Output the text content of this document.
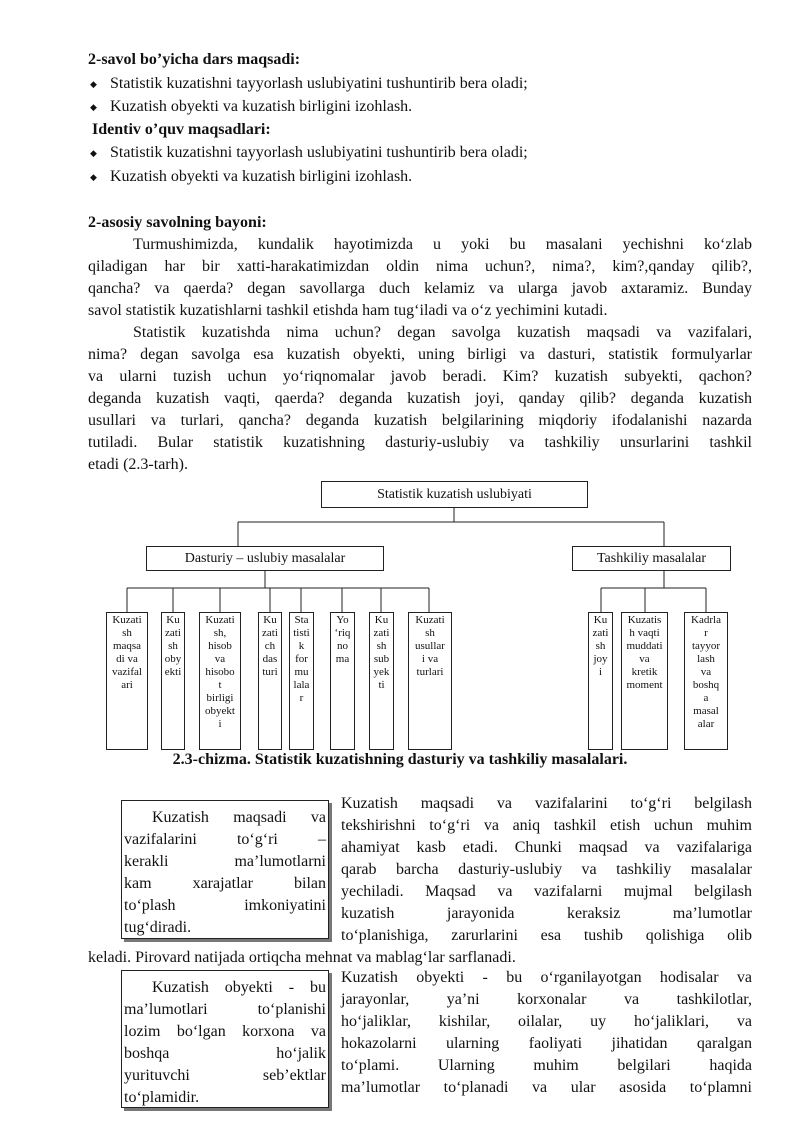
2-savol bo’yicha dars maqsadi:
◆ Statistik kuzatishni tayyorlash uslubiyatini tushuntirib bera oladi;
◆ Kuzatish obyekti va kuzatish birligini izohlash.
Identiv o’quv maqsadlari:
◆ Statistik kuzatishni tayyorlash uslubiyatini tushuntirib bera oladi;
◆ Kuzatish obyekti va kuzatish birligini izohlash.
2-asosiy savolning bayoni:
Turmushimizda, kundalik hayotimizda u yoki bu masalani yechishni ko‘zlab
qiladigan har bir xatti-harakatimizdan oldin nima uchun?, nima?, kim?,qanday qilib?,
qancha? va qaerda? degan savollarga duch kelamiz va ularga javob axtaramiz. Bunday
savol statistik kuzatishlarni tashkil etishda ham tug‘iladi va o‘z yechimini kutadi.
Statistik kuzatishda nima uchun? degan savolga kuzatish maqsadi va vazifalari,
nima? degan savolga esa kuzatish obyekti, uning birligi va dasturi, statistik formulyarlar
va ularni tuzish uchun yo‘riqnomalar javob beradi. Kim? kuzatish subyekti, qachon?
deganda kuzatish vaqti, qaerda? deganda kuzatish joyi, qanday qilib? deganda kuzatish
usullari va turlari, qancha? deganda kuzatish belgilarining miqdoriy ifodalanishi nazarda
tutiladi. Bular statistik kuzatishning dasturiy-uslubiy va tashkiliy unsurlarini tashkil
etadi (2.3-tarh).
Statistik kuzatish uslubiyati
Dasturiy – uslubiy masalalar	Tashkiliy masalalar
Kuzati
sh
maqsa
di va
vazifal
ari
Ku
zati
sh
oby
ekti
Kuzati
sh,
hisob
va
hisobo
t
birligi
obyekt
i
Ku
zati
ch
das
turi
Sta
tisti
k
for
mu
lala
r
Yo
‘riq
no
ma
Ku
zati
sh
sub
yek
ti
Kuzati
sh
usullar
i va
turlari
Ku
zati
sh
joy
i
Kuzatis
h vaqti
muddati
va
kretik
moment
Kadrla
r
tayyor
lash
va
boshq
a
masal
alar
2.3-chizma. Statistik kuzatishning dasturiy va tashkiliy masalalari.
Kuzatish maqsadi va
vazifalarini to‘g‘ri –
kerakli ma’lumotlarni
kam xarajatlar bilan
to‘plash imkoniyatini
tug‘diradi.
Kuzatish maqsadi va vazifalarini to‘g‘ri belgilash
tekshirishni to‘g‘ri va aniq tashkil etish uchun muhim
ahamiyat kasb etadi. Chunki maqsad va vazifalariga
qarab barcha dasturiy-uslubiy va tashkiliy masalalar
yechiladi. Maqsad va vazifalarni mujmal belgilash
kuzatish jarayonida keraksiz ma’lumotlar
to‘planishiga, zarurlarini esa tushib qolishiga olib
keladi. Pirovard natijada ortiqcha mehnat va mablag‘lar sarflanadi.
Kuzatish obyekti - bu
ma’lumotlari to‘planishi
lozim bo‘lgan korxona va
boshqa ho‘jalik
yurituvchi seb’ektlar
to‘plamidir.
Kuzatish obyekti - bu o‘rganilayotgan hodisalar va
jarayonlar, ya’ni korxonalar va tashkilotlar,
ho‘jaliklar, kishilar, oilalar, uy ho‘jaliklari, va
hokazolarni ularning faoliyati jihatidan qaralgan
to‘plami. Ularning muhim belgilari haqida
ma’lumotlar to‘planadi va ular asosida to‘plamni
